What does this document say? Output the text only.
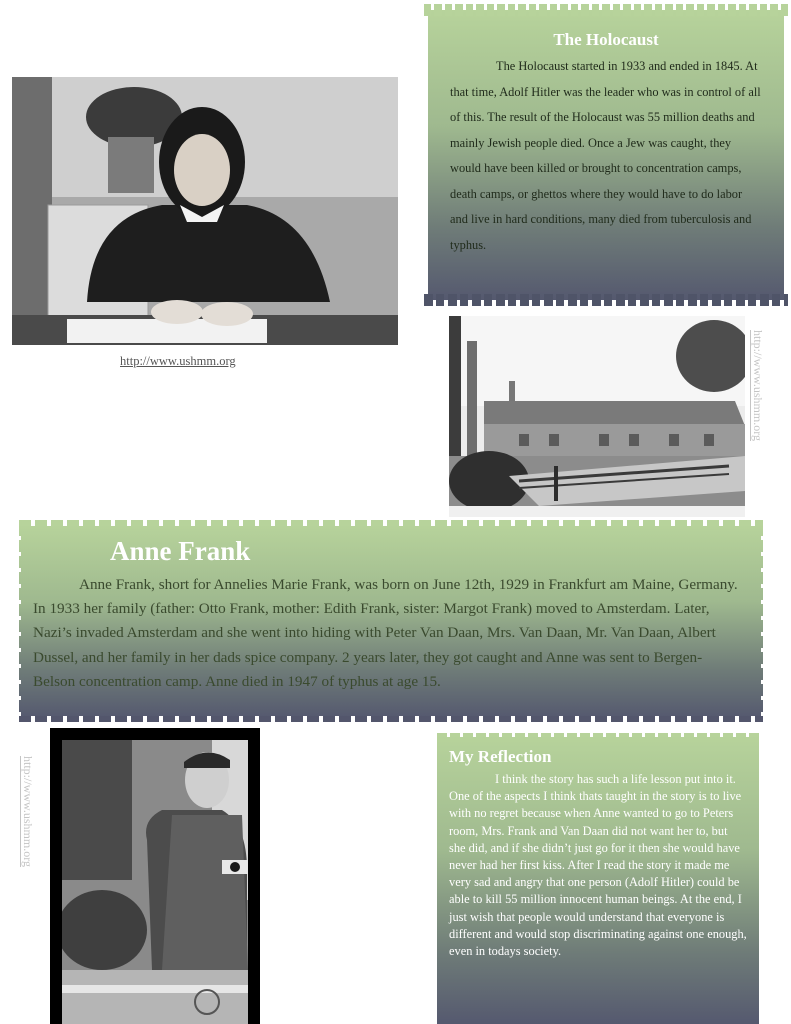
The Holocaust

The Holocaust started in 1933 and ended in 1845. At that time, Adolf Hitler was the leader who was in control of all of this. The result of the Holocaust was 55 million deaths and mainly Jewish people died. Once a Jew was caught, they would have been killed or brought to concentration camps, death camps, or ghettos where they would have to do labor and live in hard conditions, many died from tuberculosis and typhus.

http://www.ushmm.org	http://www.ushmm.org
Anne Frank

Anne Frank, short for Annelies Marie Frank, was born on June 12th, 1929 in Frankfurt am Maine, Germany. In 1933 her family (father: Otto Frank, mother: Edith Frank, sister: Margot Frank) moved to Amsterdam. Later, Nazi’s invaded Amsterdam and she went into hiding with Peter Van Daan, Mrs. Van Daan, Mr. Van Daan, Albert Dussel, and her family in her dads spice company. 2 years later, they got caught and Anne was sent to Bergen- Belson concentration camp. Anne died in 1947 of typhus at age 15.

http://www.ushmm.org	My Reflection

I think the story has such a life lesson put into it. One of the aspects I think thats taught in the story is to live with no regret because when Anne wanted to go to Peters room, Mrs. Frank and Van Daan did not want her to, but she did, and if she didn’t just go for it then she would have never had her first kiss. After I read the story it made me very sad and angry that one person (Adolf Hitler) could be able to kill 55 million innocent human beings. At the end, I just wish that people would understand that everyone is different and would stop discriminating against one enough, even in todays society.
